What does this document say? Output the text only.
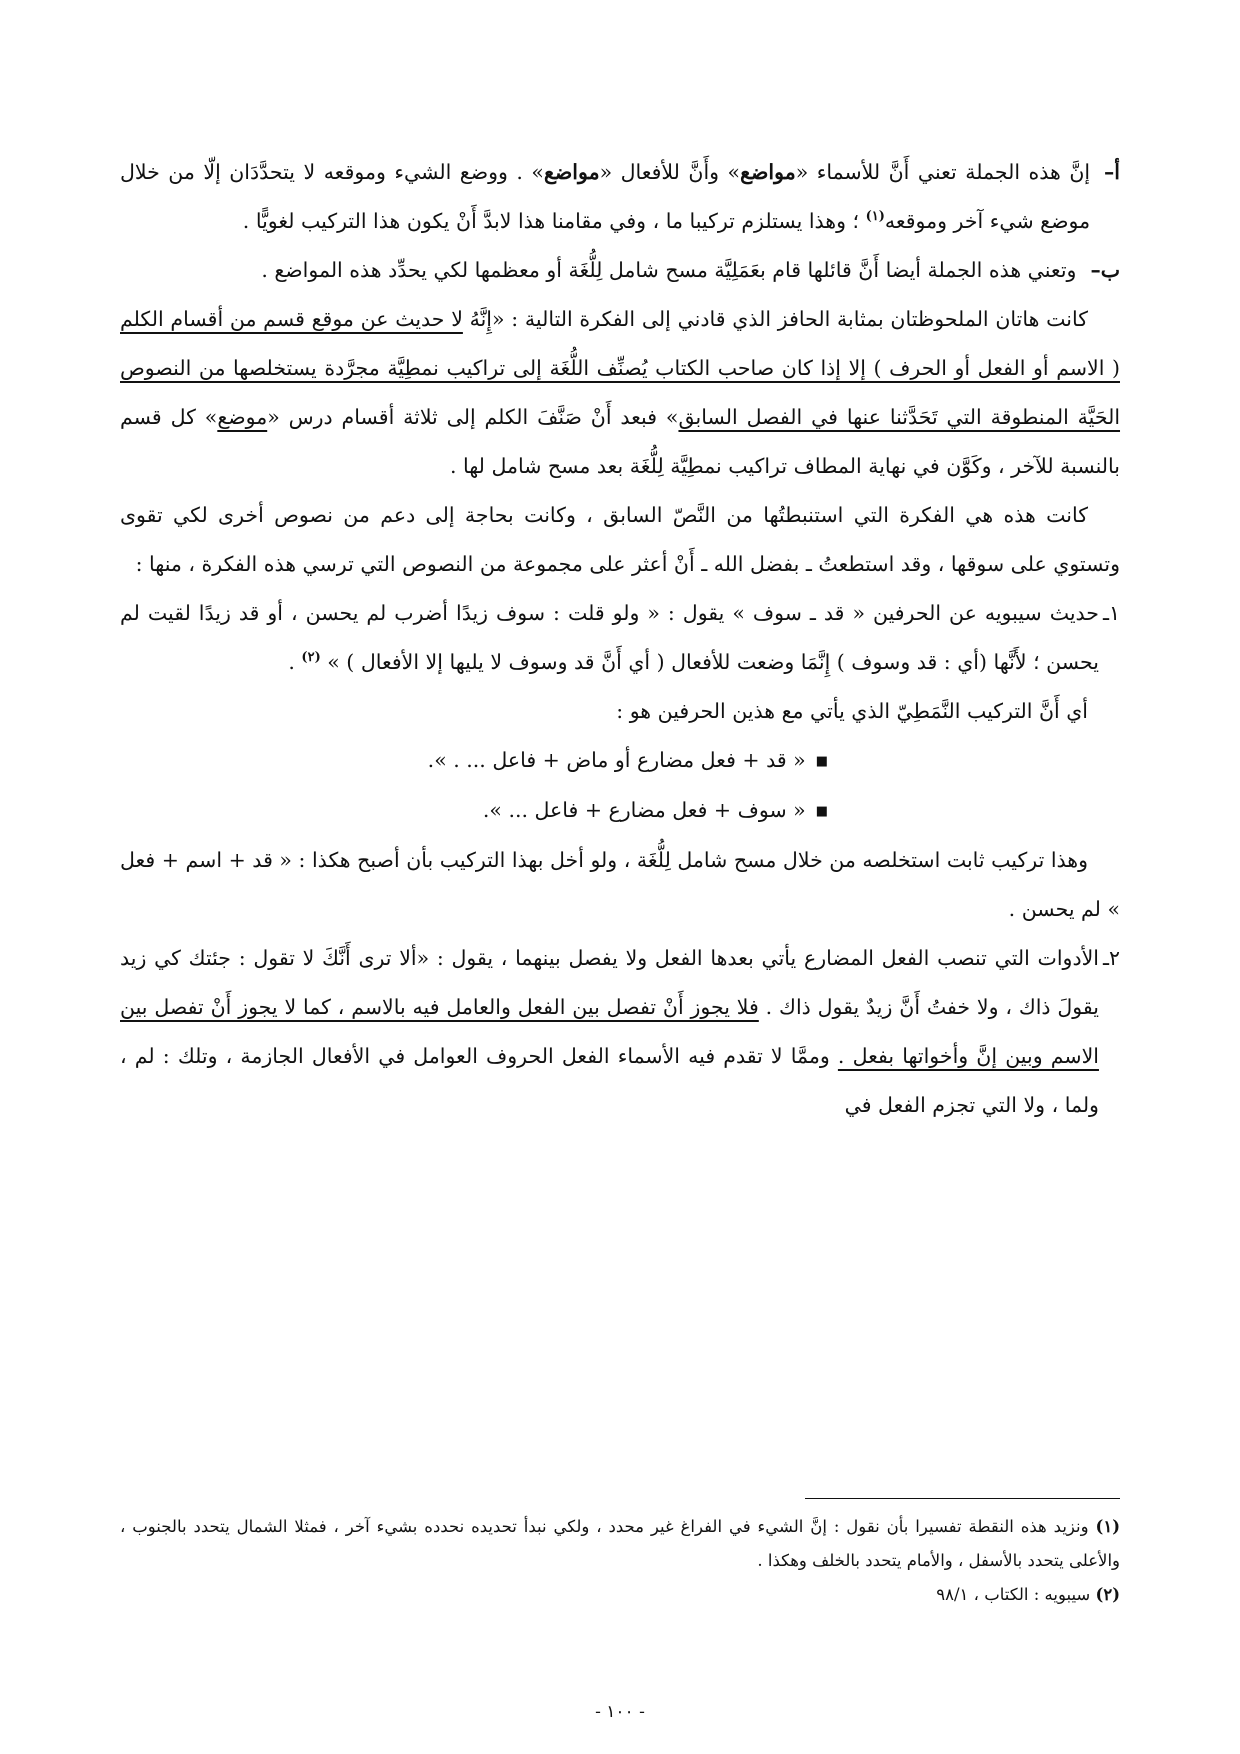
أ–
إنَّ هذه الجملة تعني أَنَّ للأسماء «مواضع» وأَنَّ للأفعال «مواضع» . ووضع الشيء وموقعه لا يتحدَّدَان إلّا من خلال موضع شيء آخر وموقعه$^{(١)}$ ؛ وهذا يستلزم تركيبا ما ، وفي مقامنا هذا لابدَّ أَنْ يكون هذا التركيب لغويًّا .
ب–
وتعني هذه الجملة أيضا أَنَّ قائلها قام بعَمَلِيَّة مسح شامل لِلُّغَة أو معظمها لكي يحدِّد هذه المواضع .
كانت هاتان الملحوظتان بمثابة الحافز الذي قادني إلى الفكرة التالية : «إِنَّهُ لا حديث عن موقع قسم من أقسام الكلم ( الاسم أو الفعل أو الحرف ) إلا إذا كان صاحب الكتاب يُصنِّف اللُّغَة إلى تراكيب نمطِيَّة مجرَّدة يستخلصها من النصوص الحَيَّة المنطوقة التي تَحَدَّثنا عنها في الفصل السابق» فبعد أَنْ صَنَّفَ الكلم إلى ثلاثة أقسام درس «موضع» كل قسم بالنسبة للآخر ، وكَوَّن في نهاية المطاف تراكيب نمطِيَّة لِلُّغَة بعد مسح شامل لها .
كانت هذه هي الفكرة التي استنبطتُها من النَّصّ السابق ، وكانت بحاجة إلى دعم من نصوص أخرى لكي تقوى وتستوي على سوقها ، وقد استطعتُ ـ بفضل الله ـ أَنْ أعثر على مجموعة من النصوص التي ترسي هذه الفكرة ، منها :
١ـ
حديث سيبويه عن الحرفين « قد ـ سوف » يقول : « ولو قلت : سوف زيدًا أضرب لم يحسن ، أو قد زيدًا لقيت لم يحسن ؛ لأَنَّها (أي : قد وسوف ) إِنَّمَا وضعت للأفعال ( أي أَنَّ قد وسوف لا يليها إلا الأفعال ) » $^{(٢)}$ .
أي أَنَّ التركيب النَّمَطِيّ الذي يأتي مع هذين الحرفين هو :
■« قد + فعل مضارع أو ماض + فاعل ... . ».
■« سوف + فعل مضارع + فاعل ... ».
وهذا تركيب ثابت استخلصه من خلال مسح شامل لِلُّغَة ، ولو أخل بهذا التركيب بأن أصبح هكذا : « قد + اسم + فعل » لم يحسن .
٢ـ
الأدوات التي تنصب الفعل المضارع يأتي بعدها الفعل ولا يفصل بينهما ، يقول : «ألا ترى أَنَّكَ لا تقول : جئتك كي زيد يقولَ ذاك ، ولا خفتُ أَنَّ زيدٌ يقول ذاك . فلا يجوز أَنْ تفصل بين الفعل والعامل فيه بالاسم ، كما لا يجوز أَنْ تفصل بين الاسم وبين إنَّ وأخواتها بفعل . وممَّا لا تقدم فيه الأسماء الفعل الحروف العوامل في الأفعال الجازمة ، وتلك : لم ، ولما ، ولا التي تجزم الفعل في
(١) ونزيد هذه النقطة تفسيرا بأن نقول : إنَّ الشيء في الفراغ غير محدد ، ولكي نبدأ تحديده نحدده بشيء آخر ، فمثلا الشمال يتحدد بالجنوب ، والأعلى يتحدد بالأسفل ، والأمام يتحدد بالخلف وهكذا .
(٢) سيبويه : الكتاب ، ٩٨/١
- ١٠٠ -
